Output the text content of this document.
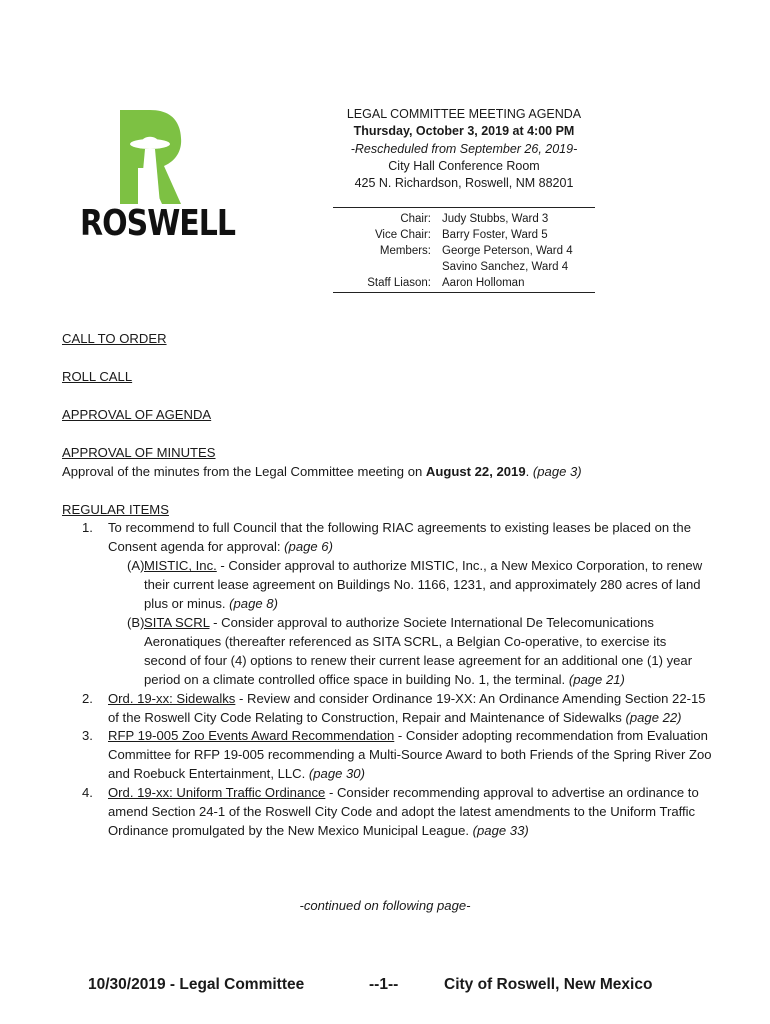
ROSWELL
LEGAL COMMITTEE MEETING AGENDA
Thursday, October 3, 2019 at 4:00 PM
-Rescheduled from September 26, 2019-
City Hall Conference Room
425 N. Richardson, Roswell, NM 88201
Chair: Judy Stubbs, Ward 3
Vice Chair: Barry Foster, Ward 5
Members: George Peterson, Ward 4
Savino Sanchez, Ward 4
Staff Liason: Aaron Holloman
CALL TO ORDER
ROLL CALL
APPROVAL OF AGENDA
APPROVAL OF MINUTES
Approval of the minutes from the Legal Committee meeting on August 22, 2019. (page 3)
REGULAR ITEMS
1. To recommend to full Council that the following RIAC agreements to existing leases be placed on the Consent agenda for approval: (page 6)
(A) MISTIC, Inc. - Consider approval to authorize MISTIC, Inc., a New Mexico Corporation, to renew their current lease agreement on Buildings No. 1166, 1231, and approximately 280 acres of land plus or minus. (page 8)
(B) SITA SCRL - Consider approval to authorize Societe International De Telecomunications Aeronatiques (thereafter referenced as SITA SCRL, a Belgian Co-operative, to exercise its second of four (4) options to renew their current lease agreement for an additional one (1) year period on a climate controlled office space in building No. 1, the terminal. (page 21)
2. Ord. 19-xx: Sidewalks - Review and consider Ordinance 19-XX: An Ordinance Amending Section 22-15 of the Roswell City Code Relating to Construction, Repair and Maintenance of Sidewalks (page 22)
3. RFP 19-005 Zoo Events Award Recommendation - Consider adopting recommendation from Evaluation Committee for RFP 19-005 recommending a Multi-Source Award to both Friends of the Spring River Zoo and Roebuck Entertainment, LLC. (page 30)
4. Ord. 19-xx: Uniform Traffic Ordinance - Consider recommending approval to advertise an ordinance to amend Section 24-1 of the Roswell City Code and adopt the latest amendments to the Uniform Traffic Ordinance promulgated by the New Mexico Municipal League. (page 33)
-continued on following page-
10/30/2019 - Legal Committee	--1--	City of Roswell, New Mexico
